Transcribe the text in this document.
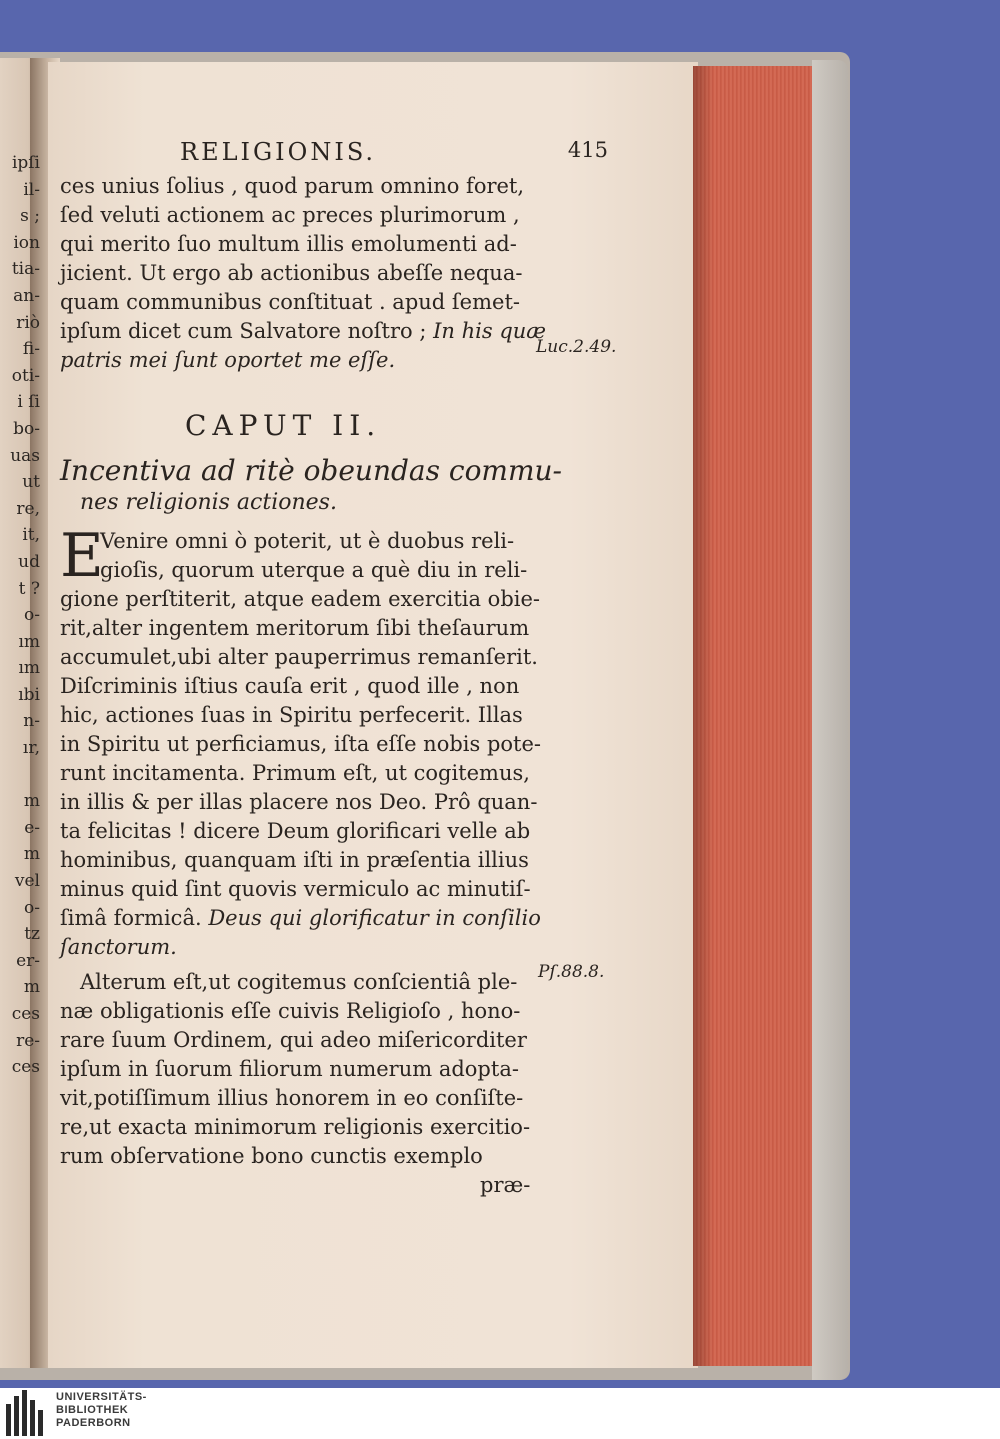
ipſi
il-
s ;
ion
tia-
an-
riò
fi-
oti-
i ſi
bo-
uas
ut
re,
it,
ud
t ?
o-
ım
ım
ıbi
n-
ır,
m
e-
m
vel
o-
tz
er-
m
ces
re-
ces
RELIGIONIS.	415
ces unius ſolius , quod parum omnino foret,
ſed veluti actionem ac preces plurimorum ,
qui merito ſuo multum illis emolumenti ad-
jicient. Ut ergo ab actionibus abeſſe nequa-
quam communibus conſtituat . apud ſemet-
ipſum dicet cum Salvatore noſtro ; In his quæ
patris mei ſunt oportet me eſſe.
CAPUT II.
Incentiva ad ritè obeundas commu-
nes religionis actiones.
E
Venire omni ò poterit, ut è duobus reli-
gioſis, quorum uterque a què diu in reli-
gione perſtiterit, atque eadem exercitia obie-
rit,alter ingentem meritorum ſibi theſaurum
accumulet,ubi alter pauperrimus remanſerit.
Diſcriminis iſtius cauſa erit , quod ille , non
hic, actiones ſuas in Spiritu perfecerit. Illas
in Spiritu ut perficiamus, iſta eſſe nobis pote-
runt incitamenta. Primum eſt, ut cogitemus,
in illis & per illas placere nos Deo. Prô quan-
ta felicitas ! dicere Deum glorificari velle ab
hominibus, quanquam iſti in præſentia illius
minus quid ſint quovis vermiculo ac minutiſ-
ſimâ formicâ. Deus qui glorificatur in conſilio
ſanctorum.
Alterum eſt,ut cogitemus conſcientiâ ple-
næ obligationis eſſe cuivis Religioſo , hono-
rare ſuum Ordinem, qui adeo miſericorditer
ipſum in ſuorum filiorum numerum adopta-
vit,potiſſimum illius honorem in eo conſiſte-
re,ut exacta minimorum religionis exercitio-
rum obſervatione bono cunctis exemplo
præ-
Luc.2.49.
Pſ.88.8.
UNIVERSITÄTS-
BIBLIOTHEK
PADERBORN
